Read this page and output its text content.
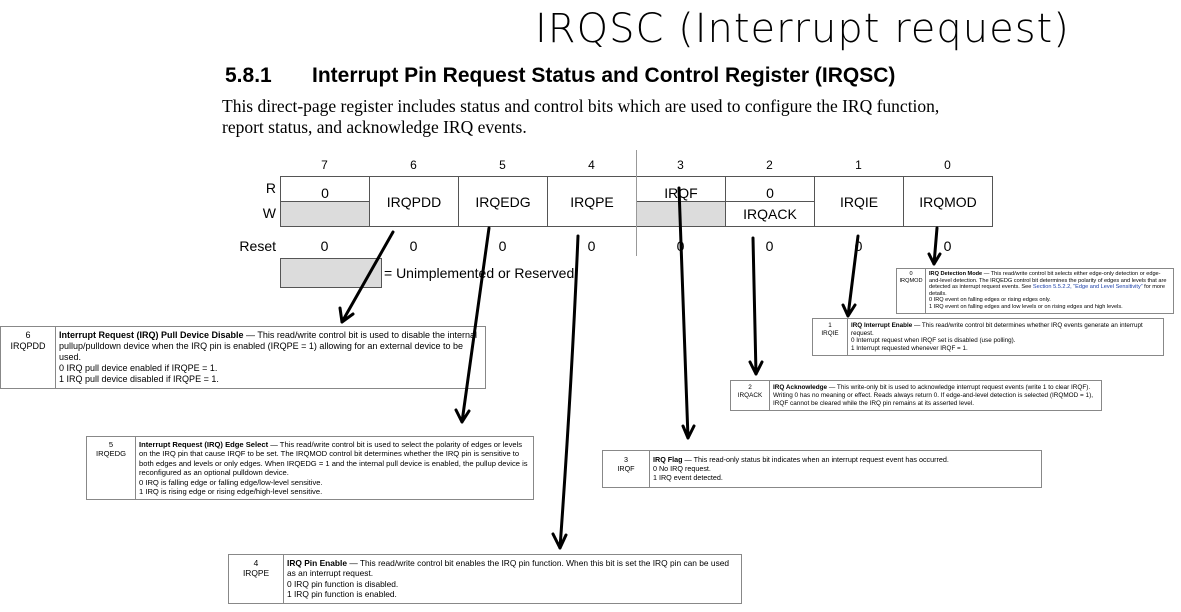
IRQSC (Interrupt request)
5.8.1 Interrupt Pin Request Status and Control Register (IRQSC)
This direct-page register includes status and control bits which are used to configure the IRQ function, report status, and acknowledge IRQ events.
7	6	5	4	3	2	1	0
R
W
Reset
0	IRQPDD	IRQEDG	IRQPE	IRQF	0	IRQIE	IRQMOD
					IRQACK		
0	0	0	0	0	0	0	0
= Unimplemented or Reserved	0
IRQMOD
	IRQ Detection Mode — This read/write control bit selects either edge-only detection or edge-and-level detection. The IRQEDG control bit determines the polarity of edges and levels that are detected as interrupt request events. See Section 5.5.2.2, “Edge and Level Sensitivity” for more details.
0 IRQ event on falling edges or rising edges only.
1 IRQ event on falling edges and low levels or on rising edges and high levels.
1
IRQIE
	IRQ Interrupt Enable — This read/write control bit determines whether IRQ events generate an interrupt request.
0 Interrupt request when IRQF set is disabled (use polling).
1 Interrupt requested whenever IRQF = 1.
6
IRQPDD
	Interrupt Request (IRQ) Pull Device Disable — This read/write control bit is used to disable the internal pullup/pulldown device when the IRQ pin is enabled (IRQPE = 1) allowing for an external device to be used.
0 IRQ pull device enabled if IRQPE = 1.
1 IRQ pull device disabled if IRQPE = 1.
2
IRQACK
	IRQ Acknowledge — This write-only bit is used to acknowledge interrupt request events (write 1 to clear IRQF). Writing 0 has no meaning or effect. Reads always return 0. If edge-and-level detection is selected (IRQMOD = 1), IRQF cannot be cleared while the IRQ pin remains at its asserted level.
5
IRQEDG
	Interrupt Request (IRQ) Edge Select — This read/write control bit is used to select the polarity of edges or levels on the IRQ pin that cause IRQF to be set. The IRQMOD control bit determines whether the IRQ pin is sensitive to both edges and levels or only edges. When IRQEDG = 1 and the internal pull device is enabled, the pullup device is reconfigured as an optional pulldown device.
0 IRQ is falling edge or falling edge/low-level sensitive.
1 IRQ is rising edge or rising edge/high-level sensitive.
3
IRQF
	IRQ Flag — This read-only status bit indicates when an interrupt request event has occurred.
0 No IRQ request.
1 IRQ event detected.
4
IRQPE
	IRQ Pin Enable — This read/write control bit enables the IRQ pin function. When this bit is set the IRQ pin can be used as an interrupt request.
0 IRQ pin function is disabled.
1 IRQ pin function is enabled.
